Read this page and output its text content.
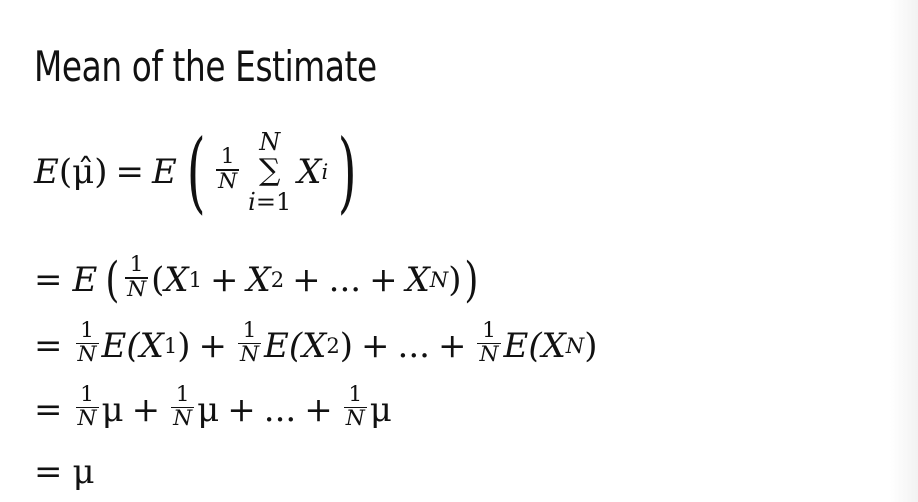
Mean of the Estimate
E ( μ̂ ) = E ( $\frac{1}{N}$
N
∑
i=1
X i )
= E ( $\frac{1}{N}$ ( X 1 + X 2 + ... + X N ) )
= $\frac{1}{N} E(X$ 1 ) + $\frac{1}{N} E(X$ 2 ) + ... + $\frac{1}{N} E(X$ N )
= $\frac{1}{N}$ $\mu + \frac{1}{N}$ μ + ... + $\frac{1}{N}$ μ
= μ
